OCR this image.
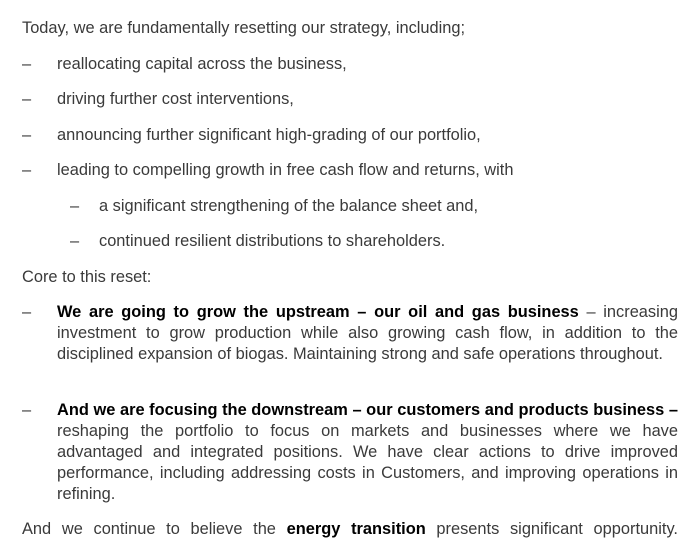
Today, we are fundamentally resetting our strategy, including;
– reallocating capital across the business,
– driving further cost interventions,
– announcing further significant high-grading of our portfolio,
– leading to compelling growth in free cash flow and returns, with
– a significant strengthening of the balance sheet and,
– continued resilient distributions to shareholders.
Core to this reset:
– We are going to grow the upstream – our oil and gas business – increasing investment to grow production while also growing cash flow, in addition to the disciplined expansion of biogas. Maintaining strong and safe operations throughout.
– And we are focusing the downstream – our customers and products business – reshaping the portfolio to focus on markets and businesses where we have advantaged and integrated positions. We have clear actions to drive improved performance, including addressing costs in Customers, and improving operations in refining.
And we continue to believe the energy transition presents significant opportunity.
